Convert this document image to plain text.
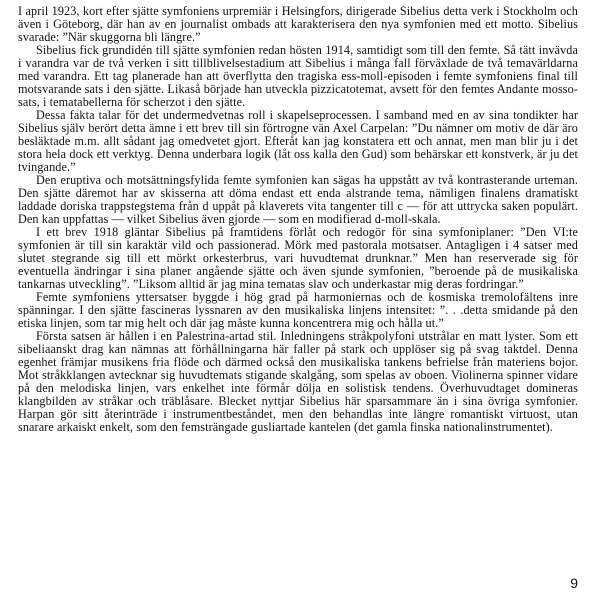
I april 1923, kort efter sjätte symfoniens urpremiär i Helsingfors, dirigerade Sibelius detta verk i Stockholm och även i Göteborg, där han av en journalist ombads att karakterisera den nya symfonien med ett motto. Sibelius svarade: ”När skuggorna bli längre.”

Sibelius fick grundidén till sjätte symfonien redan hösten 1914, samtidigt som till den femte. Så tätt invävda i varandra var de två verken i sitt tillblivelsestadium att Sibelius i många fall förväxlade de två temavärldarna med varandra. Ett tag planerade han att överflytta den tragiska ess-moll-episoden i femte symfoniens final till motsvarande sats i den sjätte. Likaså började han utveckla pizzicatotemat, avsett för den femtes Andante mosso-sats, i tematabellerna för scherzot i den sjätte.

Dessa fakta talar för det undermedvetnas roll i skapelseprocessen. I samband med en av sina tondikter har Sibelius själv berört detta ämne i ett brev till sin förtrogne vän Axel Carpelan: ”Du nämner om motiv de där äro besläktade m.m. allt sådant jag omedvetet gjort. Efteråt kan jag konstatera ett och annat, men man blir ju i det stora hela dock ett verktyg. Denna underbara logik (låt oss kalla den Gud) som behärskar ett konstverk, är ju det tvingande.”

Den eruptiva och motsättningsfylida femte symfonien kan sägas ha uppstått av två kontrasterande urteman. Den sjätte däremot har av skisserna att döma endast ett enda alstrande tema, nämligen finalens dramatiskt laddade doriska trappstegstema från d uppåt på klaverets vita tangenter till c — för att uttrycka saken populärt. Den kan uppfattas — vilket Sibelius även gjorde — som en modifierad d-moll-skala.

I ett brev 1918 gläntar Sibelius på framtidens förlåt och redogör för sina symfoniplaner: ”Den VI:te symfonien är till sin karaktär vild och passionerad. Mörk med pastorala motsatser. Antagligen i 4 satser med slutet stegrande sig till ett mörkt orkesterbrus, vari huvudtemat drunknar.” Men han reserverade sig för eventuella ändringar i sina planer angående sjätte och även sjunde symfonien, ”beroende på de musikaliska tankarnas utveckling”. ”Liksom alltid är jag mina tematas slav och underkastar mig deras fordringar.”

Femte symfoniens yttersatser byggde i hög grad på harmoniernas och de kosmiska tremolofältens inre spänningar. I den sjätte fascineras lyssnaren av den musikaliska linjens intensitet: ”. . .detta smidande på den etiska linjen, som tar mig helt och där jag måste kunna koncentrera mig och hålla ut.”

Första satsen är hållen i en Palestrina-artad stil. Inledningens stråkpolyfoni utstrålar en matt lyster. Som ett sibeliaanskt drag kan nämnas att förhållningarna här faller på stark och upplöser sig på svag taktdel. Denna egenhet främjar musikens fria flöde och därmed också den musikaliska tankens befrielse från materiens bojor. Mot stråkklangen avtecknar sig huvudtemats stigande skalgång, som spelas av oboen. Violinerna spinner vidare på den melodiska linjen, vars enkelhet inte förmår dölja en solistisk tendens. Överhuvudtaget domineras klangbilden av stråkar och träblåsare. Blecket nyttjar Sibelius här sparsammare än i sina övriga symfonier. Harpan gör sitt återinträde i instrumentbeståndet, men den behandlas inte längre romantiskt virtuost, utan snarare arkaiskt enkelt, som den femsträngade gusliartade kantelen (det gamla finska nationalinstrumentet).

9
